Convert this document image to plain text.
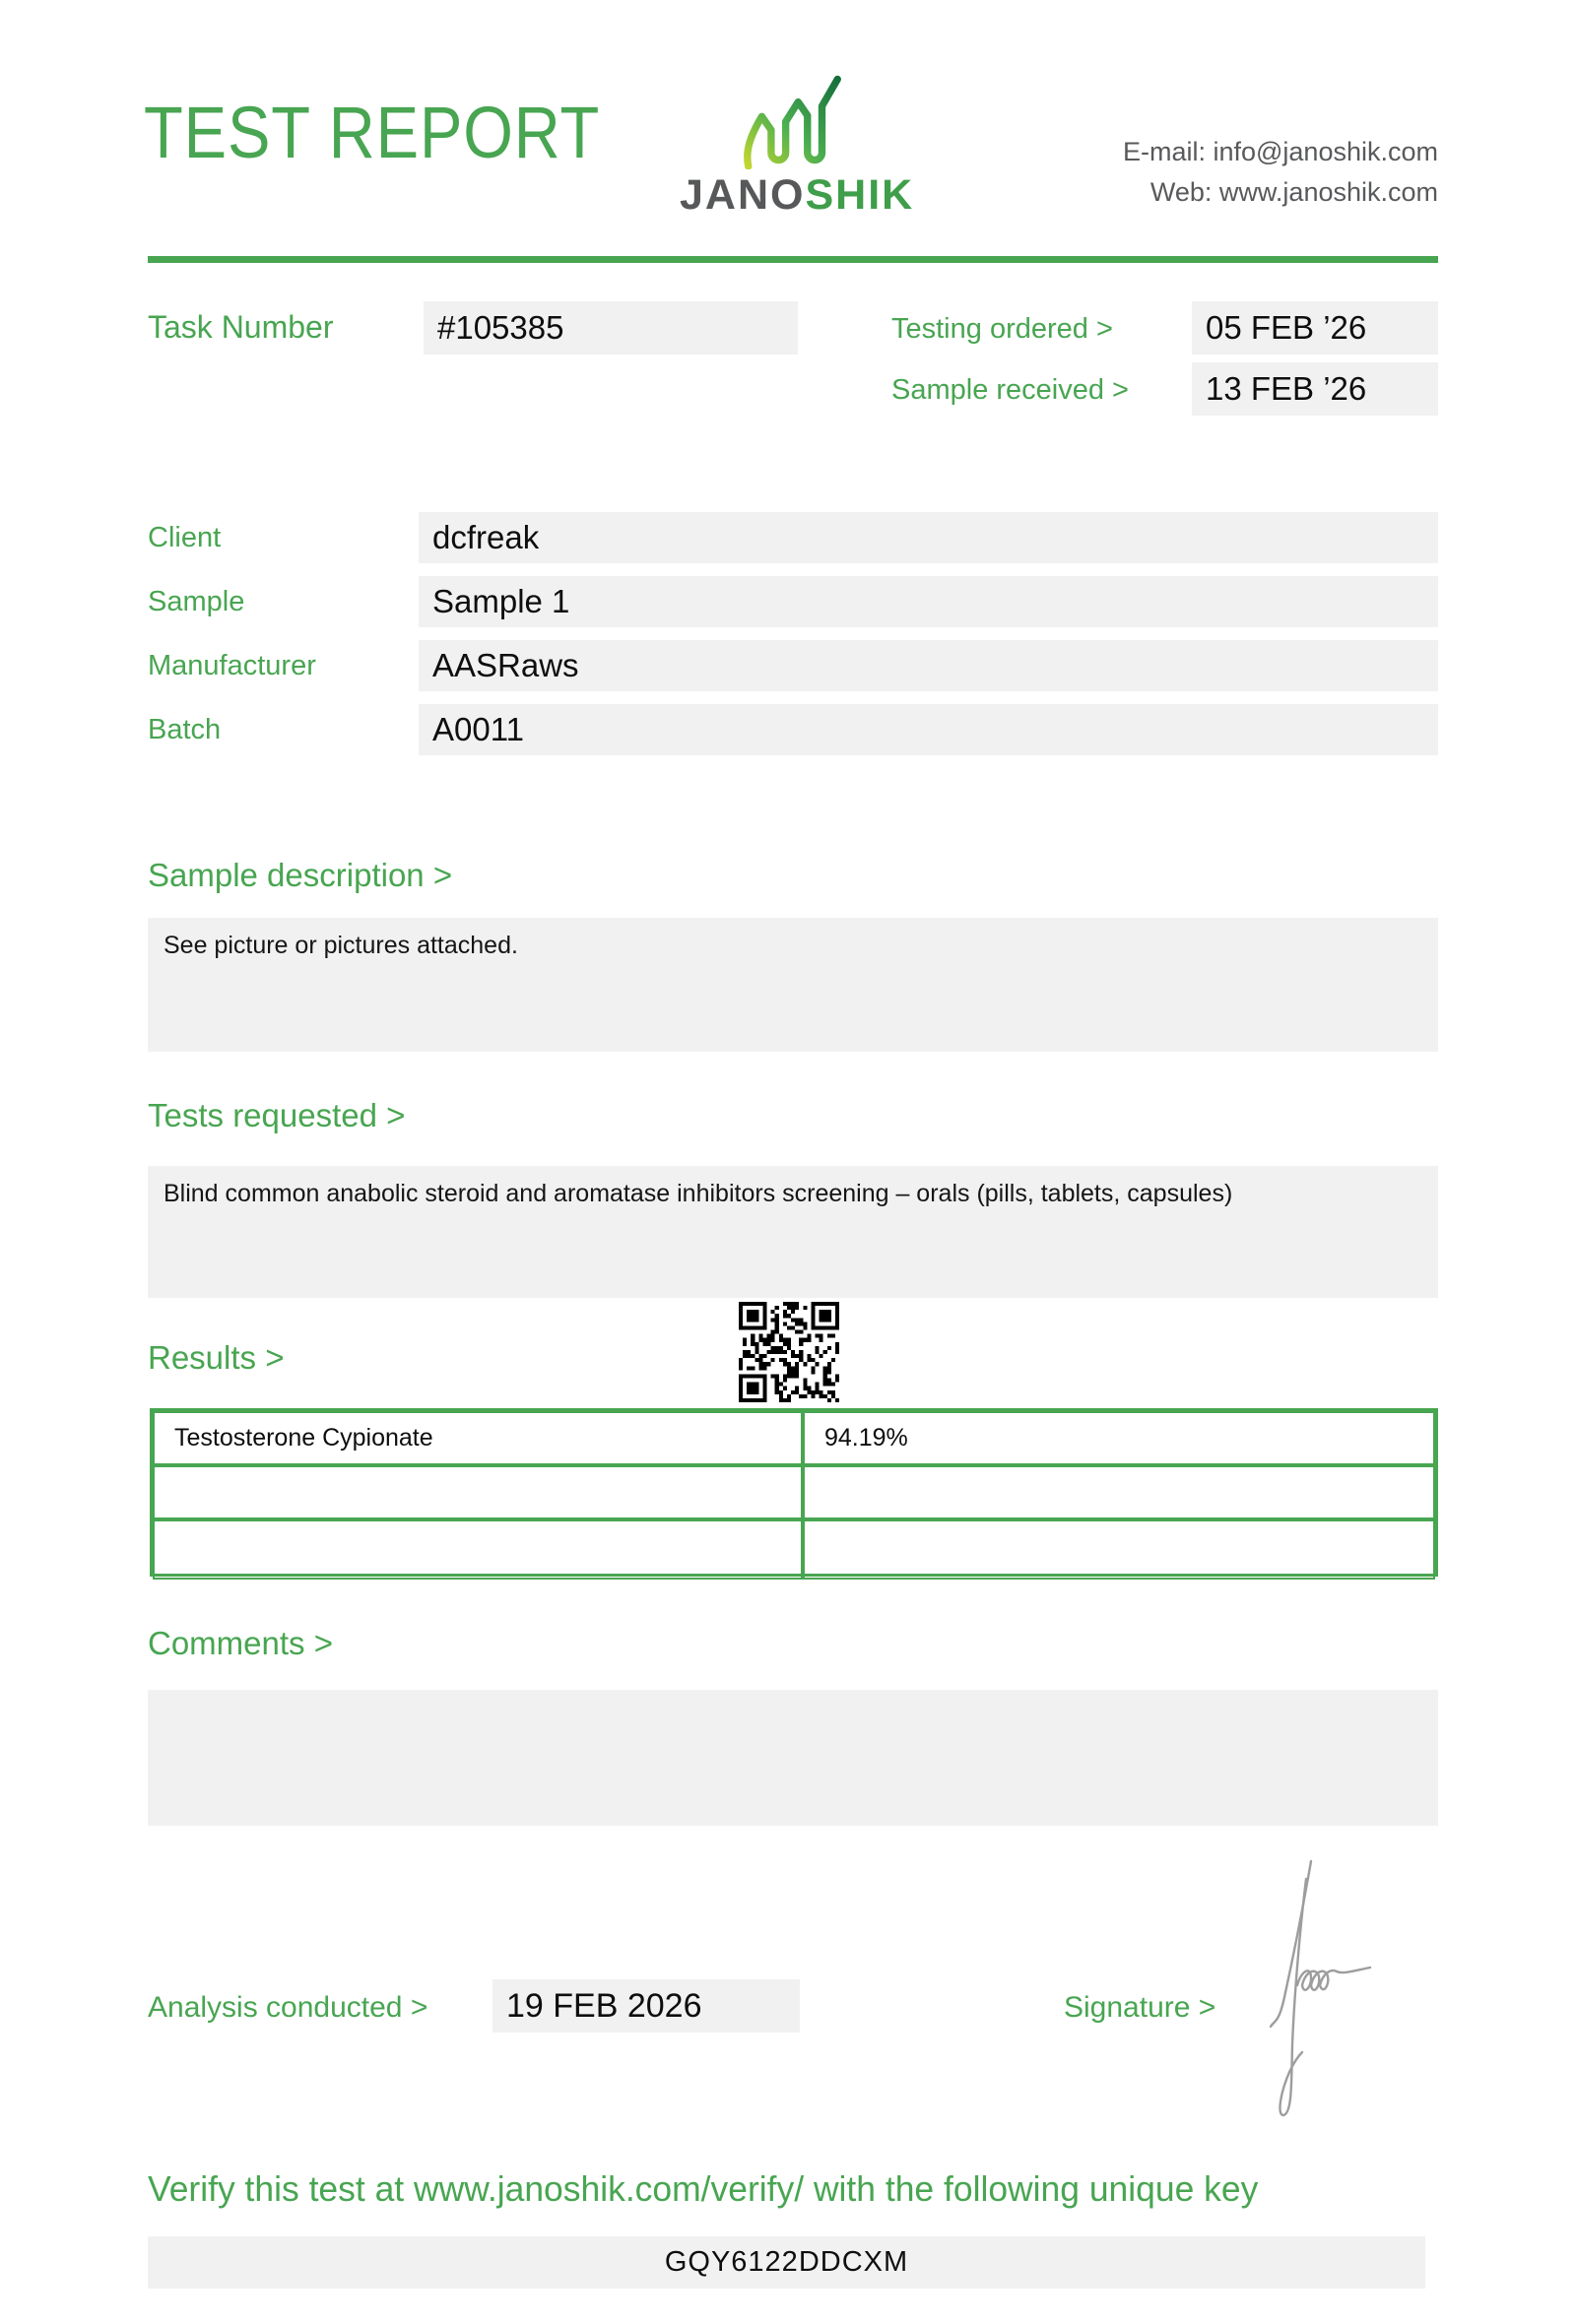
TEST REPORT
JANOSHIK
E-mail: info@janoshik.com
Web: www.janoshik.com
Task Number	#105385	Testing ordered >	05 FEB ’26
Sample received >	13 FEB ’26
Client	dcfreak
Sample	Sample 1
Manufacturer	AASRaws
Batch	A0011
Sample description >
See picture or pictures attached.
Tests requested >
Blind common anabolic steroid and aromatase inhibitors screening – orals (pills, tablets, capsules)
Results >
Testosterone Cypionate	94.19%
Comments >
Analysis conducted >	19 FEB 2026	Signature >
Verify this test at www.janoshik.com/verify/ with the following unique key
GQY6122DDCXM
